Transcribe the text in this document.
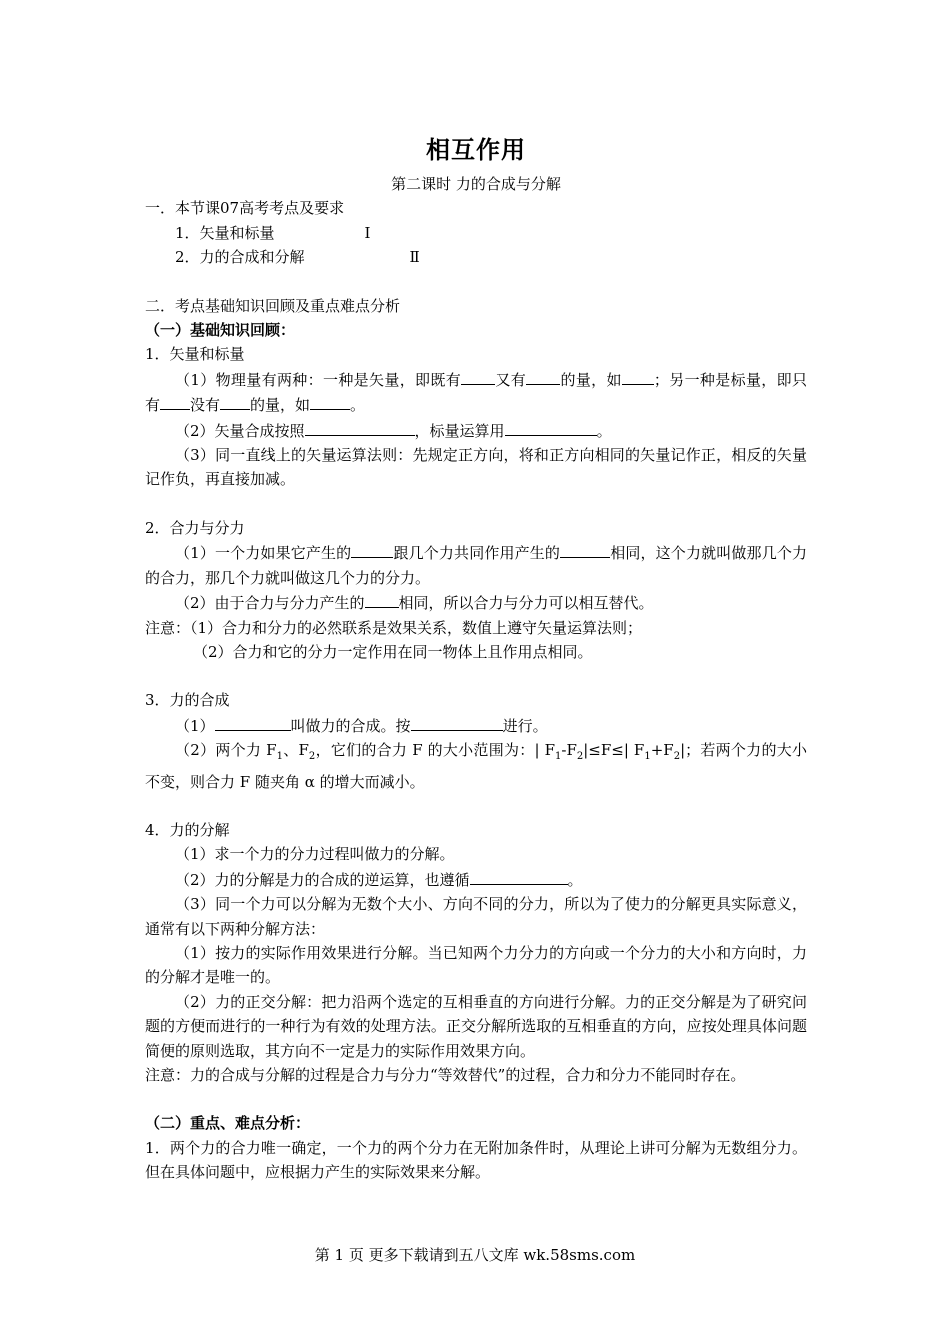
相互作用

第二课时 力的合成与分解

一．本节课07高考考点及要求

1．矢量和标量	Ⅰ

2．力的合成和分解	Ⅱ

二．考点基础知识回顾及重点难点分析

（一）基础知识回顾：

1．矢量和标量

（1）物理量有两种：一种是矢量，即既有 又有 的量，如 ；另一种是标量，即只有 没有 的量，如	。

（2）矢量合成按照	，标量运算用	。

（3）同一直线上的矢量运算法则：先规定正方向，将和正方向相同的矢量记作正，相反的矢量记作负，再直接加减。

2．合力与分力

（1）一个力如果它产生的	跟几个力共同作用产生的	相同，这个力就叫做那几个力的合力，那几个力就叫做这几个力的分力。

（2）由于合力与分力产生的 相同，所以合力与分力可以相互替代。

注意：（1）合力和分力的必然联系是效果关系，数值上遵守矢量运算法则；

（2）合力和它的分力一定作用在同一物体上且作用点相同。

3．力的合成

（1）	叫做力的合成。按	进行。

（2）两个力 $F_1$、$F_2$，它们的合力 F 的大小范围为：| $F_1-F_2|\le F\le|$ $F_1+F_2|$；若两个力的大小不变，则合力 F 随夹角 α 的增大而减小。

4．力的分解

（1）求一个力的分力过程叫做力的分解。

（2）力的分解是力的合成的逆运算，也遵循	。

（3）同一个力可以分解为无数个大小、方向不同的分力，所以为了使力的分解更具实际意义，通常有以下两种分解方法：

（1）按力的实际作用效果进行分解。当已知两个力分力的方向或一个分力的大小和方向时，力的分解才是唯一的。

（2）力的正交分解：把力沿两个选定的互相垂直的方向进行分解。力的正交分解是为了研究问题的方便而进行的一种行为有效的处理方法。正交分解所选取的互相垂直的方向，应按处理具体问题简便的原则选取，其方向不一定是力的实际作用效果方向。

注意：力的合成与分解的过程是合力与分力“等效替代”的过程，合力和分力不能同时存在。

（二）重点、难点分析：

1．两个力的合力唯一确定，一个力的两个分力在无附加条件时，从理论上讲可分解为无数组分力。但在具体问题中，应根据力产生的实际效果来分解。

第 1 页 更多下载请到五八文库 wk.58sms.com
